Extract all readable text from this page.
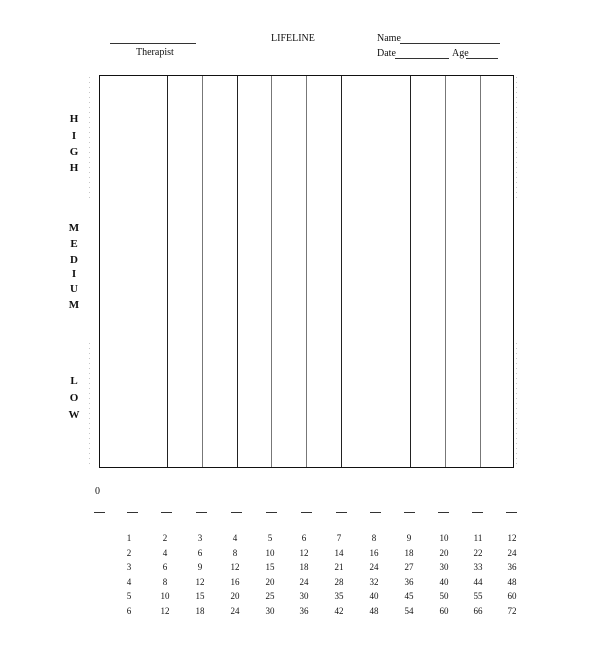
Therapist
LIFELINE	Name
Date	Age
H
I
G
H
M
E
D
I
U
M
L
O
W
∙
∙
∙
∙
∙
∙
∙
∙
∙
∙
∙
∙
∙
∙
∙
∙
∙
∙
∙
∙
∙
∙
∙
∙
∙
∙
∙
∙
∙
∙
∙
∙
∙
∙
∙
∙
∙
∙
∙
∙
∙
∙
∙
∙
∙
∙
∙
∙
∙
∙
∙
∙
∙
∙
∙
∙
∙
∙
∙
∙
∙
∙
∙
∙
∙
∙
∙
∙
∙
∙
∙
∙
∙
∙
∙
∙
∙
∙
∙
∙
∙
∙
∙
∙
∙
∙
∙
∙
∙
∙
∙
∙
∙
∙
∙
∙
∙
∙
∙
∙
0
1	2	3	4	5	6	7	8	9	10	11	12
2	4	6	8	10	12	14	16	18	20	22	24
3	6	9	12	15	18	21	24	27	30	33	36
4	8	12	16	20	24	28	32	36	40	44	48
5	10	15	20	25	30	35	40	45	50	55	60
6	12	18	24	30	36	42	48	54	60	66	72
